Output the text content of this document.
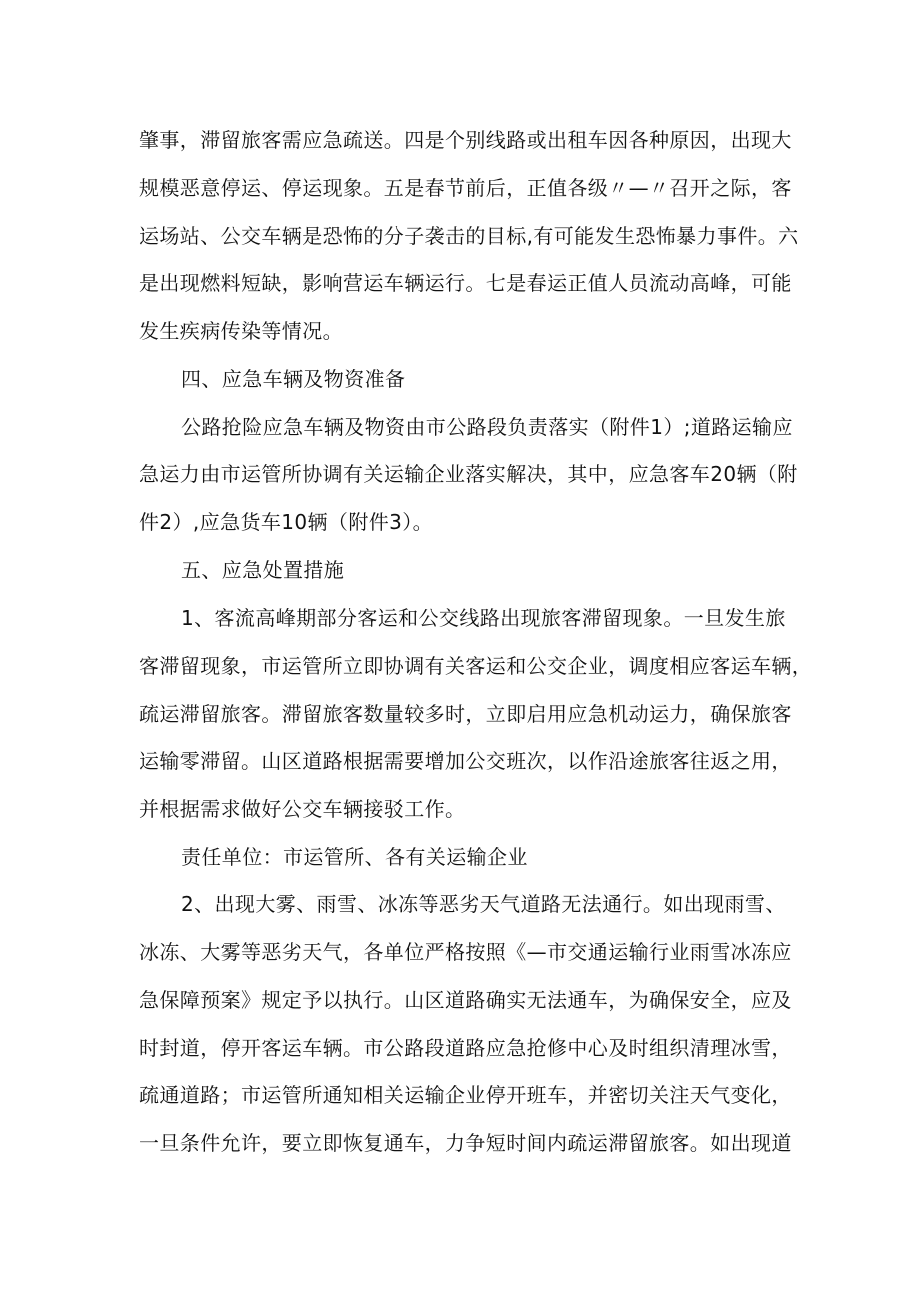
肇事，滞留旅客需应急疏送。四是个别线路或出租车因各种原因，出现大
规模恶意停运、停运现象。五是春节前后，正值各级〃—〃召开之际，客
运场站、公交车辆是恐怖的分子袭击的目标,有可能发生恐怖暴力事件。六
是出现燃料短缺，影响营运车辆运行。七是春运正值人员流动高峰，可能
发生疾病传染等情况。
四、应急车辆及物资准备
公路抢险应急车辆及物资由市公路段负责落实（附件1）;道路运输应
急运力由市运管所协调有关运输企业落实解决，其中，应急客车20辆（附
件2）,应急货车10辆（附件3）。
五、应急处置措施
1、客流高峰期部分客运和公交线路出现旅客滞留现象。一旦发生旅
客滞留现象，市运管所立即协调有关客运和公交企业，调度相应客运车辆，
疏运滞留旅客。滞留旅客数量较多时，立即启用应急机动运力，确保旅客
运输零滞留。山区道路根据需要增加公交班次，以作沿途旅客往返之用，
并根据需求做好公交车辆接驳工作。
责任单位：市运管所、各有关运输企业
2、出现大雾、雨雪、冰冻等恶劣天气道路无法通行。如出现雨雪、
冰冻、大雾等恶劣天气，各单位严格按照《—市交通运输行业雨雪冰冻应
急保障预案》规定予以执行。山区道路确实无法通车，为确保安全，应及
时封道，停开客运车辆。市公路段道路应急抢修中心及时组织清理冰雪，
疏通道路；市运管所通知相关运输企业停开班车，并密切关注天气变化，
一旦条件允许，要立即恢复通车，力争短时间内疏运滞留旅客。如出现道
